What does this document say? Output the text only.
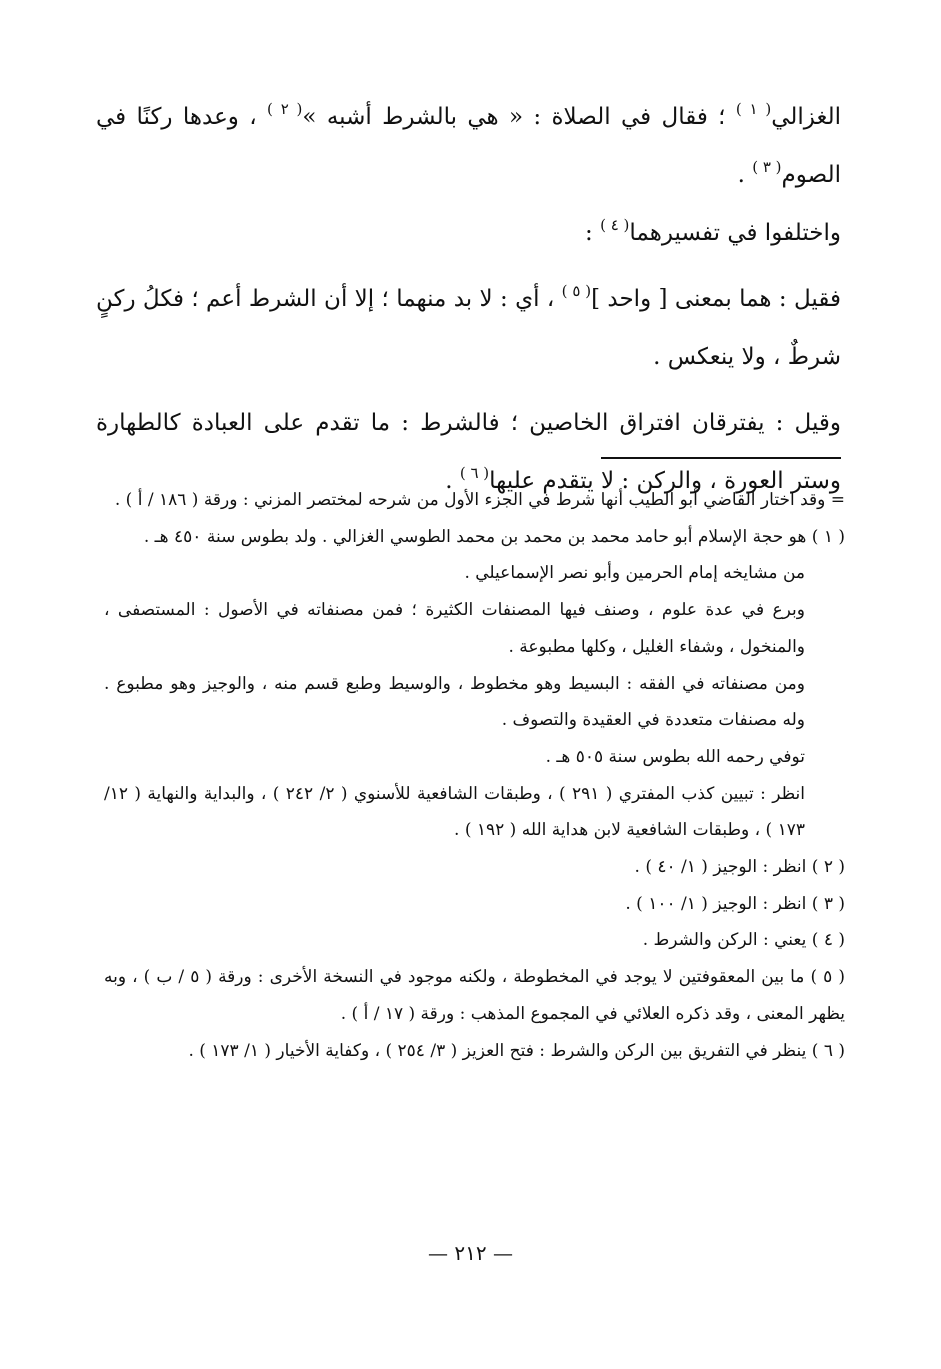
الغزالي$^{( ١ )}$ ؛ فقال في الصلاة : « هي بالشرط أشبه »$^{( ٢ )}$ ، وعدها ركنًا في الصوم$^{( ٣ )}$ .
واختلفوا في تفسيرهما$^{( ٤ )}$ :

فقيل : هما بمعنى [ واحد ]$^{( ٥ )}$ ، أي : لا بد منهما ؛ إلا أن الشرط أعم ؛ فكلُ ركنٍ شرطٌ ، ولا ينعكس .

وقيل : يفترقان افتراق الخاصين ؛ فالشرط : ما تقدم على العبادة كالطهارة وستر العورة ، والركن : لا يتقدم عليها$^{( ٦ )}$ .

= وقد اختار القاضي أبو الطيب أنها شرط في الجزء الأول من شرحه لمختصر المزني : ورقة ( ١٨٦ / أ ) .

( ١ ) هو حجة الإسلام أبو حامد محمد بن محمد بن محمد الطوسي الغزالي . ولد بطوس سنة ٤٥٠ هـ .

من مشايخه إمام الحرمين وأبو نصر الإسماعيلي .

وبرع في عدة علوم ، وصنف فيها المصنفات الكثيرة ؛ فمن مصنفاته في الأصول : المستصفى ، والمنخول ، وشفاء الغليل ، وكلها مطبوعة .

ومن مصنفاته في الفقه : البسيط وهو مخطوط ، والوسيط وطبع قسم منه ، والوجيز وهو مطبوع . وله مصنفات متعددة في العقيدة والتصوف .

توفي رحمه الله بطوس سنة ٥٠٥ هـ .

انظر : تبيين كذب المفتري ( ٢٩١ ) ، وطبقات الشافعية للأسنوي ( ٢/ ٢٤٢ ) ، والبداية والنهاية ( ١٢/ ١٧٣ ) ، وطبقات الشافعية لابن هداية الله ( ١٩٢ ) .

( ٢ ) انظر : الوجيز ( ١/ ٤٠ ) .

( ٣ ) انظر : الوجيز ( ١/ ١٠٠ ) .

( ٤ ) يعني : الركن والشرط .

( ٥ ) ما بين المعقوفتين لا يوجد في المخطوطة ، ولكنه موجود في النسخة الأخرى : ورقة ( ٥ / ب ) ، وبه يظهر المعنى ، وقد ذكره العلائي في المجموع المذهب : ورقة ( ١٧ / أ ) .

( ٦ ) ينظر في التفريق بين الركن والشرط : فتح العزيز ( ٣/ ٢٥٤ ) ، وكفاية الأخيار ( ١/ ١٧٣ ) .

— ٢١٢ —
